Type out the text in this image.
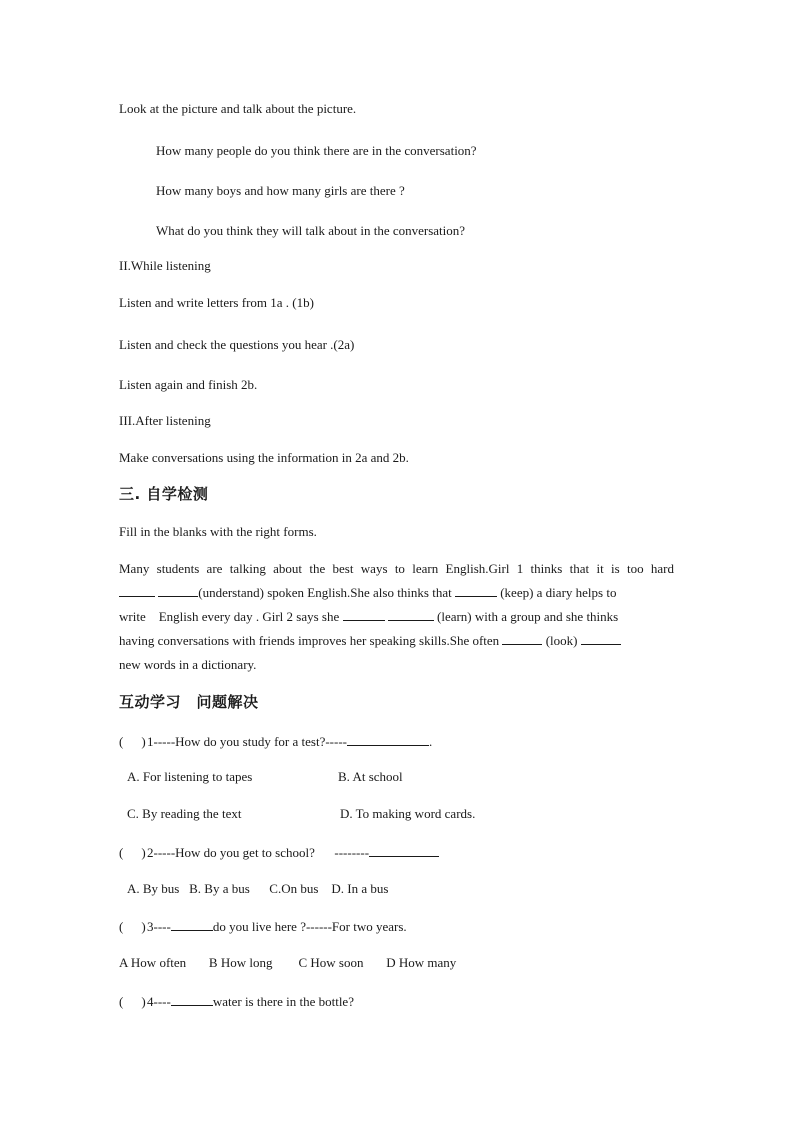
Look at the picture and talk about the picture.
How many people do you think there are in the conversation?
How many boys and how many girls are there ?
What do you think they will talk about in the conversation?
II.While listening
Listen and write letters from 1a . (1b)
Listen and check the questions you hear .(2a)
Listen again and finish 2b.
III.After listening
Make conversations using the information in 2a and 2b.
三. 自学检测
Fill in the blanks with the right forms.
Many students are talking about the best ways to learn English.Girl 1 thinks that it is too hard
(understand) spoken English.She also thinks that	(keep) a diary helps to
write English every day . Girl 2 says she	(learn) with a group and she thinks
having conversations with friends improves her speaking skills.She often	(look)
new words in a dictionary.
互动学习　问题解决
( )1-----How do you study for a test?-----	.
A. For listening to tapes	B. At school
C. By reading the text	D. To making word cards.
( )2-----How do you get to school? --------
A. By bus B. By a bus C.On bus D. In a bus
( )3----	do you live here ?------For two years.
A How often B How long C How soon D How many
( )4----	water is there in the bottle?
